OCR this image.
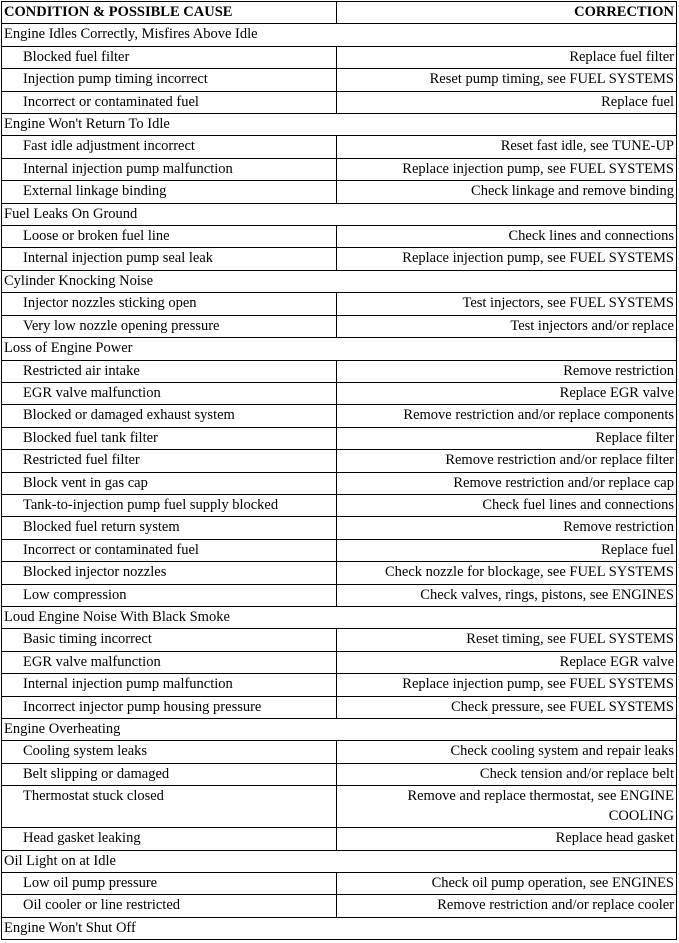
CONDITION & POSSIBLE CAUSE	CORRECTION
Engine Idles Correctly, Misfires Above Idle	
Blocked fuel filter	Replace fuel filter
Injection pump timing incorrect	Reset pump timing, see FUEL SYSTEMS
Incorrect or contaminated fuel	Replace fuel
Engine Won't Return To Idle	
Fast idle adjustment incorrect	Reset fast idle, see TUNE-UP
Internal injection pump malfunction	Replace injection pump, see FUEL SYSTEMS
External linkage binding	Check linkage and remove binding
Fuel Leaks On Ground	
Loose or broken fuel line	Check lines and connections
Internal injection pump seal leak	Replace injection pump, see FUEL SYSTEMS
Cylinder Knocking Noise	
Injector nozzles sticking open	Test injectors, see FUEL SYSTEMS
Very low nozzle opening pressure	Test injectors and/or replace
Loss of Engine Power	
Restricted air intake	Remove restriction
EGR valve malfunction	Replace EGR valve
Blocked or damaged exhaust system	Remove restriction and/or replace components
Blocked fuel tank filter	Replace filter
Restricted fuel filter	Remove restriction and/or replace filter
Block vent in gas cap	Remove restriction and/or replace cap
Tank-to-injection pump fuel supply blocked	Check fuel lines and connections
Blocked fuel return system	Remove restriction
Incorrect or contaminated fuel	Replace fuel
Blocked injector nozzles	Check nozzle for blockage, see FUEL SYSTEMS
Low compression	Check valves, rings, pistons, see ENGINES
Loud Engine Noise With Black Smoke	
Basic timing incorrect	Reset timing, see FUEL SYSTEMS
EGR valve malfunction	Replace EGR valve
Internal injection pump malfunction	Replace injection pump, see FUEL SYSTEMS
Incorrect injector pump housing pressure	Check pressure, see FUEL SYSTEMS
Engine Overheating	
Cooling system leaks	Check cooling system and repair leaks
Belt slipping or damaged	Check tension and/or replace belt
Thermostat stuck closed	Remove and replace thermostat, see ENGINE COOLING
Head gasket leaking	Replace head gasket
Oil Light on at Idle	
Low oil pump pressure	Check oil pump operation, see ENGINES
Oil cooler or line restricted	Remove restriction and/or replace cooler
Engine Won't Shut Off	
